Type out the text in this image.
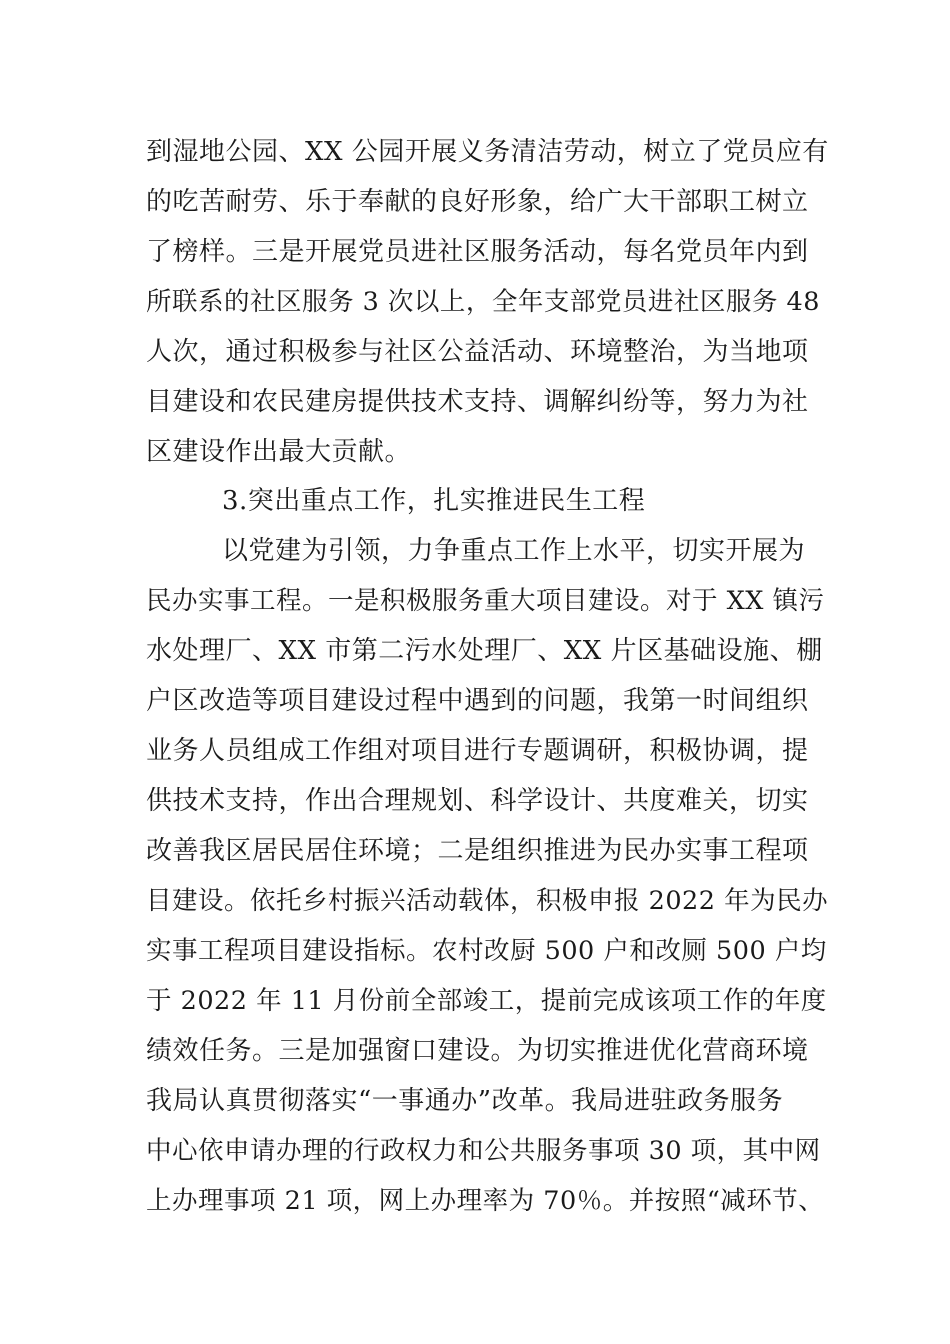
到湿地公园、XX 公园开展义务清洁劳动，树立了党员应有
的吃苦耐劳、乐于奉献的良好形象，给广大干部职工树立
了榜样。三是开展党员进社区服务活动，每名党员年内到
所联系的社区服务 3 次以上，全年支部党员进社区服务 48
人次，通过积极参与社区公益活动、环境整治，为当地项
目建设和农民建房提供技术支持、调解纠纷等，努力为社
区建设作出最大贡献。
3.突出重点工作，扎实推进民生工程
以党建为引领，力争重点工作上水平，切实开展为
民办实事工程。一是积极服务重大项目建设。对于 XX 镇污
水处理厂、XX 市第二污水处理厂、XX 片区基础设施、棚
户区改造等项目建设过程中遇到的问题，我第一时间组织
业务人员组成工作组对项目进行专题调研，积极协调，提
供技术支持，作出合理规划、科学设计、共度难关，切实
改善我区居民居住环境；二是组织推进为民办实事工程项
目建设。依托乡村振兴活动载体，积极申报 2022 年为民办
实事工程项目建设指标。农村改厨 500 户和改厕 500 户均
于 2022 年 11 月份前全部竣工，提前完成该项工作的年度
绩效任务。三是加强窗口建设。为切实推进优化营商环境
我局认真贯彻落实“一事通办”改革。我局进驻政务服务
中心依申请办理的行政权力和公共服务事项 30 项，其中网
上办理事项 21 项，网上办理率为 70％。并按照“减环节、
